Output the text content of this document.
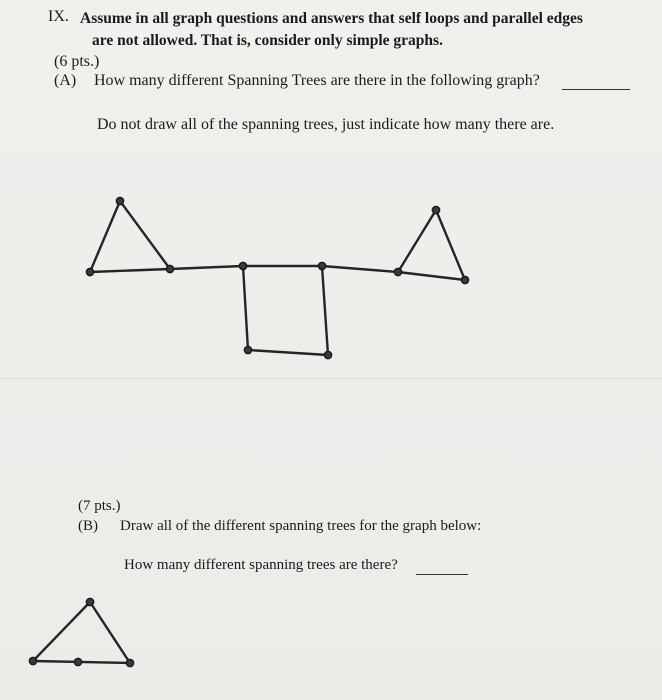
IX. Assume in all graph questions and answers that self loops and parallel edges
are not allowed. That is, consider only simple graphs.
(6 pts.)
(A) How many different Spanning Trees are there in the following graph?
Do not draw all of the spanning trees, just indicate how many there are.
(7 pts.)
(B) Draw all of the different spanning trees for the graph below:
How many different spanning trees are there?
